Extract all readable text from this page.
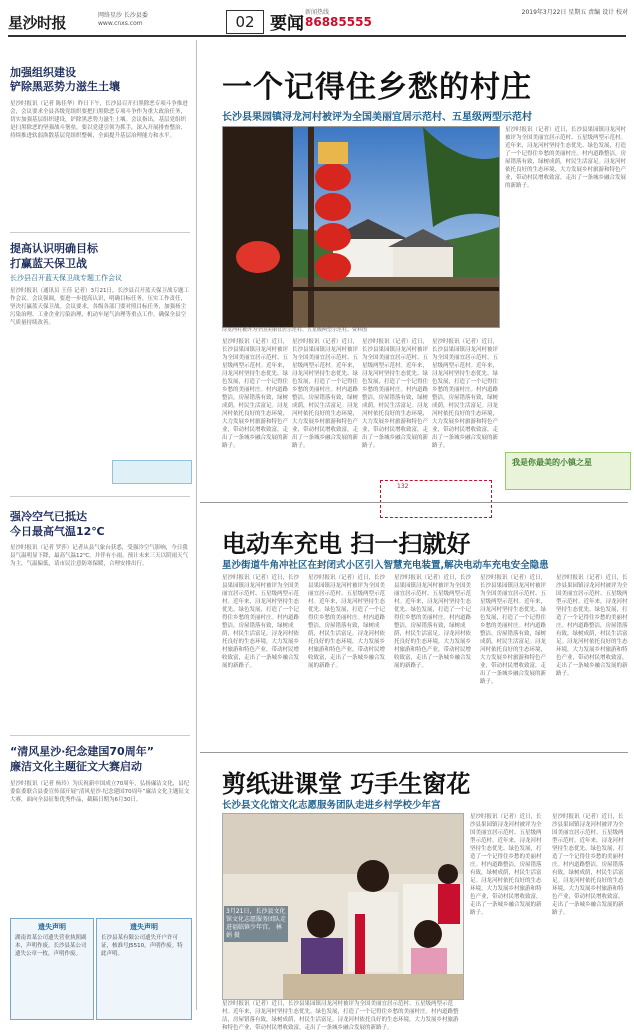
星沙时报	网络星沙 长沙县委 www.cnxs.com	02 要闻
新闻热线
86885555
2019年3月22日 星期五 责编 设计 校对
加强组织建设
铲除黑恶势力滋生土壤
星沙时报讯（记者 陈佳华）昨日下午，长沙县召开扫黑除恶专项斗争推进会，会议要求全县各级党组织要把扫黑除恶专项斗争作为重大政治任务，切实加强基层组织建设，铲除黑恶势力滋生土壤。会议指出，基层党组织是扫黑除恶的坚强战斗堡垒，要以党建引领为抓手，深入开展排查整治，持续推进软弱涣散基层党组织整顿，全面提升基层治理能力和水平。
提高认识明确目标
打赢蓝天保卫战
长沙县召开蓝天保卫战专题工作会议
星沙时报讯（通讯员 王佳 记者）3月21日，长沙县召开蓝天保卫战专题工作会议。会议强调，要进一步提高认识，明确目标任务，压实工作责任，坚决打赢蓝天保卫战。会议要求，各级各部门要对照目标任务，加强扬尘污染治理、工业企业污染治理、机动车尾气治理等重点工作，确保全县空气质量持续改善。
强冷空气已抵达
今日最高气温12℃
星沙时报讯（记者 罗莎）记者从县气象台获悉，受强冷空气影响，今日我县气温明显下降，最高气温12℃，并伴有小雨。预计未来三天以阴雨天气为主，气温偏低，请市民注意防寒保暖，合理安排出行。
“清风星沙·纪念建国70周年”
廉洁文化主题征文大赛启动
星沙时报讯（记者 杨玲）为庆祝新中国成立70周年，弘扬廉洁文化，县纪委监委联合县委宣传部开展“清风星沙·纪念建国70周年”廉洁文化主题征文大赛，面向全县征集优秀作品，截稿日期为6月30日。
遗失声明
湖南省某公司遗失营业执照副本，声明作废。长沙县某公司遗失公章一枚，声明作废。
遗失声明
长沙县某有限公司遗失开户许可证，核准号J5510，声明作废。特此声明。
一个记得住乡愁的村庄
长沙县果园镇浔龙河村被评为全国美丽宜居示范村、五星级两型示范村
浔龙河村被评为全国美丽宜居示范村、五星级两型示范村。资料图
星沙时报讯（记者）近日，长沙县果园镇浔龙河村被评为全国美丽宜居示范村、五星级两型示范村。近年来，浔龙河村坚持生态优先、绿色发展，打造了一个记得住乡愁的美丽村庄。村内道路整洁，房屋错落有致，绿树成荫，村民生活富足。浔龙河村依托良好的生态环境，大力发展乡村旅游和特色产业，带动村民增收致富，走出了一条城乡融合发展的新路子。
星沙时报讯（记者）近日，长沙县果园镇浔龙河村被评为全国美丽宜居示范村、五星级两型示范村。近年来，浔龙河村坚持生态优先、绿色发展，打造了一个记得住乡愁的美丽村庄。村内道路整洁，房屋错落有致，绿树成荫，村民生活富足。浔龙河村依托良好的生态环境，大力发展乡村旅游和特色产业，带动村民增收致富，走出了一条城乡融合发展的新路子。
星沙时报讯（记者）近日，长沙县果园镇浔龙河村被评为全国美丽宜居示范村、五星级两型示范村。近年来，浔龙河村坚持生态优先、绿色发展，打造了一个记得住乡愁的美丽村庄。村内道路整洁，房屋错落有致，绿树成荫，村民生活富足。浔龙河村依托良好的生态环境，大力发展乡村旅游和特色产业，带动村民增收致富，走出了一条城乡融合发展的新路子。
星沙时报讯（记者）近日，长沙县果园镇浔龙河村被评为全国美丽宜居示范村、五星级两型示范村。近年来，浔龙河村坚持生态优先、绿色发展，打造了一个记得住乡愁的美丽村庄。村内道路整洁，房屋错落有致，绿树成荫，村民生活富足。浔龙河村依托良好的生态环境，大力发展乡村旅游和特色产业，带动村民增收致富，走出了一条城乡融合发展的新路子。
星沙时报讯（记者）近日，长沙县果园镇浔龙河村被评为全国美丽宜居示范村、五星级两型示范村。近年来，浔龙河村坚持生态优先、绿色发展，打造了一个记得住乡愁的美丽村庄。村内道路整洁，房屋错落有致，绿树成荫，村民生活富足。浔龙河村依托良好的生态环境，大力发展乡村旅游和特色产业，带动村民增收致富，走出了一条城乡融合发展的新路子。
我是你最美的小镇之星
132
电动车充电 扫一扫就好
星沙街道牛角冲社区在封闭式小区引入智慧充电装置,解决电动车充电安全隐患
星沙时报讯（记者）近日，长沙县果园镇浔龙河村被评为全国美丽宜居示范村、五星级两型示范村。近年来，浔龙河村坚持生态优先、绿色发展，打造了一个记得住乡愁的美丽村庄。村内道路整洁，房屋错落有致，绿树成荫，村民生活富足。浔龙河村依托良好的生态环境，大力发展乡村旅游和特色产业，带动村民增收致富，走出了一条城乡融合发展的新路子。
星沙时报讯（记者）近日，长沙县果园镇浔龙河村被评为全国美丽宜居示范村、五星级两型示范村。近年来，浔龙河村坚持生态优先、绿色发展，打造了一个记得住乡愁的美丽村庄。村内道路整洁，房屋错落有致，绿树成荫，村民生活富足。浔龙河村依托良好的生态环境，大力发展乡村旅游和特色产业，带动村民增收致富，走出了一条城乡融合发展的新路子。
星沙时报讯（记者）近日，长沙县果园镇浔龙河村被评为全国美丽宜居示范村、五星级两型示范村。近年来，浔龙河村坚持生态优先、绿色发展，打造了一个记得住乡愁的美丽村庄。村内道路整洁，房屋错落有致，绿树成荫，村民生活富足。浔龙河村依托良好的生态环境，大力发展乡村旅游和特色产业，带动村民增收致富，走出了一条城乡融合发展的新路子。
星沙时报讯（记者）近日，长沙县果园镇浔龙河村被评为全国美丽宜居示范村、五星级两型示范村。近年来，浔龙河村坚持生态优先、绿色发展，打造了一个记得住乡愁的美丽村庄。村内道路整洁，房屋错落有致，绿树成荫，村民生活富足。浔龙河村依托良好的生态环境，大力发展乡村旅游和特色产业，带动村民增收致富，走出了一条城乡融合发展的新路子。
星沙时报讯（记者）近日，长沙县果园镇浔龙河村被评为全国美丽宜居示范村、五星级两型示范村。近年来，浔龙河村坚持生态优先、绿色发展，打造了一个记得住乡愁的美丽村庄。村内道路整洁，房屋错落有致，绿树成荫，村民生活富足。浔龙河村依托良好的生态环境，大力发展乡村旅游和特色产业，带动村民增收致富，走出了一条城乡融合发展的新路子。
剪纸进课堂 巧手生窗花
长沙县文化馆文化志愿服务团队走进乡村学校少年宫
3月21日，长沙县文化馆文化志愿服务团队走进福临镇少年宫。 林娟 摄
星沙时报讯（记者）近日，长沙县果园镇浔龙河村被评为全国美丽宜居示范村、五星级两型示范村。近年来，浔龙河村坚持生态优先、绿色发展，打造了一个记得住乡愁的美丽村庄。村内道路整洁，房屋错落有致，绿树成荫，村民生活富足。浔龙河村依托良好的生态环境，大力发展乡村旅游和特色产业，带动村民增收致富，走出了一条城乡融合发展的新路子。
星沙时报讯（记者）近日，长沙县果园镇浔龙河村被评为全国美丽宜居示范村、五星级两型示范村。近年来，浔龙河村坚持生态优先、绿色发展，打造了一个记得住乡愁的美丽村庄。村内道路整洁，房屋错落有致，绿树成荫，村民生活富足。浔龙河村依托良好的生态环境，大力发展乡村旅游和特色产业，带动村民增收致富，走出了一条城乡融合发展的新路子。
星沙时报讯（记者）近日，长沙县果园镇浔龙河村被评为全国美丽宜居示范村、五星级两型示范村。近年来，浔龙河村坚持生态优先、绿色发展，打造了一个记得住乡愁的美丽村庄。村内道路整洁，房屋错落有致，绿树成荫，村民生活富足。浔龙河村依托良好的生态环境，大力发展乡村旅游和特色产业，带动村民增收致富，走出了一条城乡融合发展的新路子。
